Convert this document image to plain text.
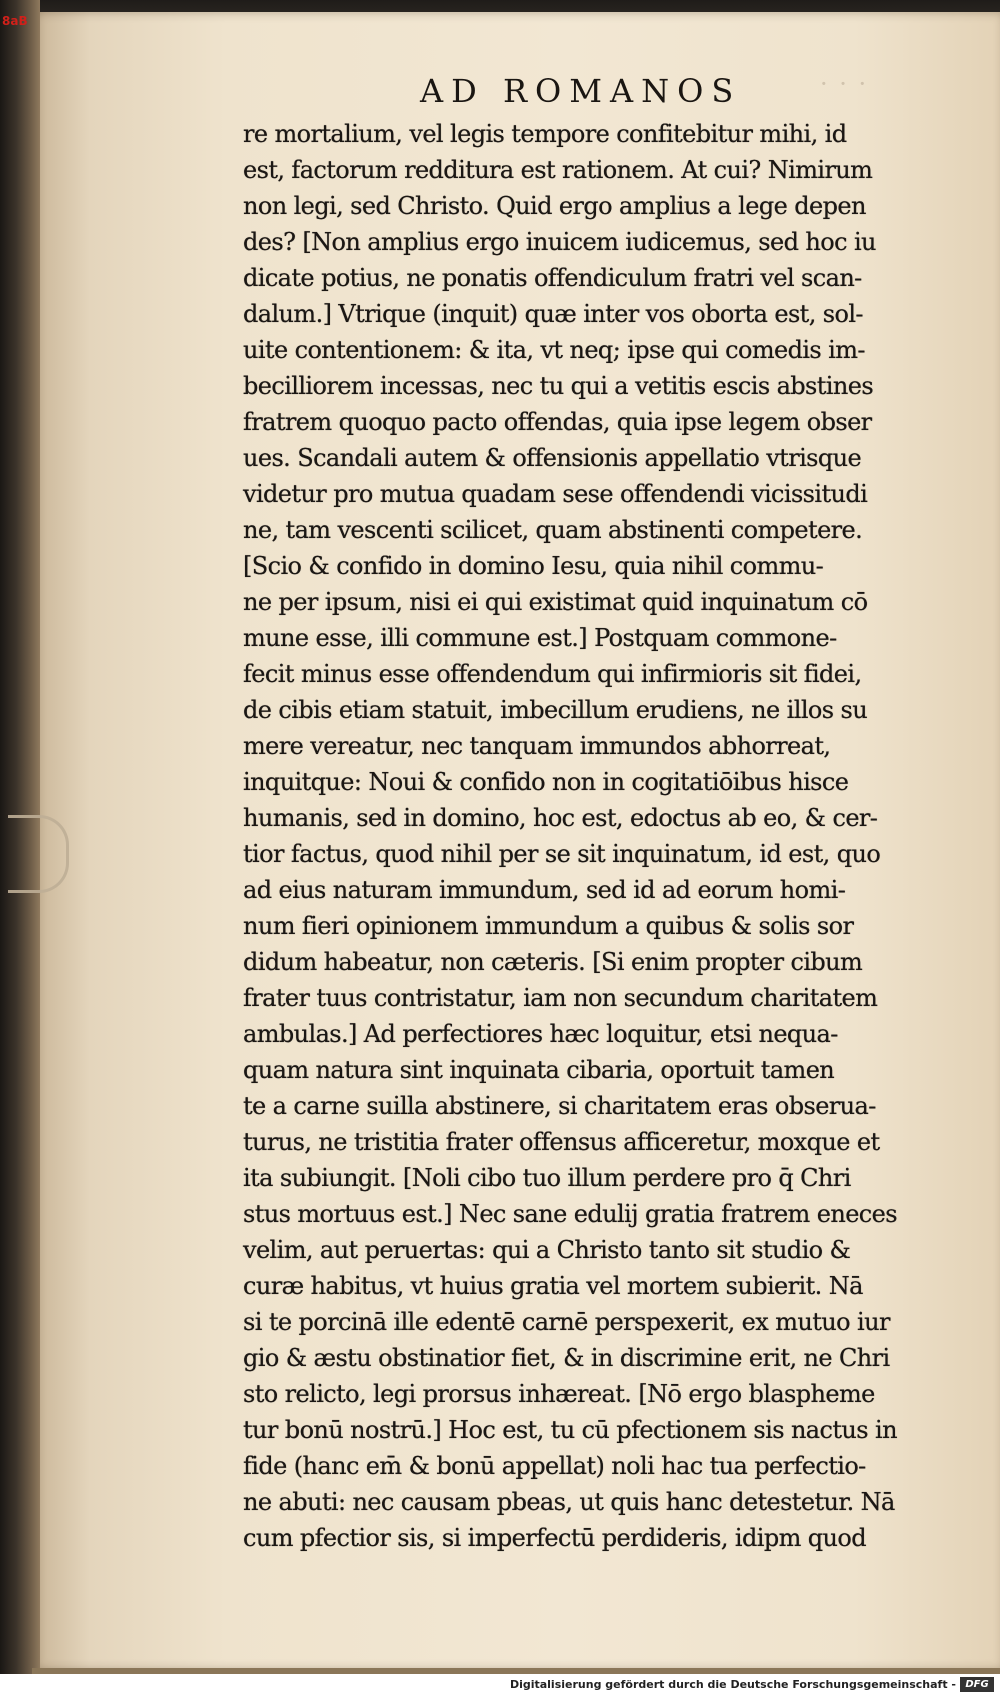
8aB
· · ·
AD ROMANOS
re mortalium, vel legis tempore confitebitur mihi, id
est, factorum redditura est rationem. At cui? Nimirum
non legi, sed Christo. Quid ergo amplius a lege depen
des? [Non amplius ergo inuicem iudicemus, sed hoc iu
dicate potius, ne ponatis offendiculum fratri vel scan-
dalum.] Vtrique (inquit) quæ inter vos oborta est, sol-
uite contentionem: & ita, vt neq; ipse qui comedis im-
becilliorem incessas, nec tu qui a vetitis escis abstines
fratrem quoquo pacto offendas, quia ipse legem obser
ues. Scandali autem & offensionis appellatio vtrisque
videtur pro mutua quadam sese offendendi vicissitudi
ne, tam vescenti scilicet, quam abstinenti competere.
[Scio & confido in domino Iesu, quia nihil commu-
ne per ipsum, nisi ei qui existimat quid inquinatum cō
mune esse, illi commune est.] Postquam commone-
fecit minus esse offendendum qui infirmioris sit fidei,
de cibis etiam statuit, imbecillum erudiens, ne illos su
mere vereatur, nec tanquam immundos abhorreat,
inquitque: Noui & confido non in cogitatiōibus hisce
humanis, sed in domino, hoc est, edoctus ab eo, & cer-
tior factus, quod nihil per se sit inquinatum, id est, quo
ad eius naturam immundum, sed id ad eorum homi-
num fieri opinionem immundum a quibus & solis sor
didum habeatur, non cæteris. [Si enim propter cibum
frater tuus contristatur, iam non secundum charitatem
ambulas.] Ad perfectiores hæc loquitur, etsi nequa-
quam natura sint inquinata cibaria, oportuit tamen
te a carne suilla abstinere, si charitatem eras obserua-
turus, ne tristitia frater offensus afficeretur, moxque et
ita subiungit. [Noli cibo tuo illum perdere pro q̄ Chri
stus mortuus est.] Nec sane edulij gratia fratrem eneces
velim, aut peruertas: qui a Christo tanto sit studio &
curæ habitus, vt huius gratia vel mortem subierit. Nā
si te porcinā ille edentē carnē perspexerit, ex mutuo iur
gio & æstu obstinatior fiet, & in discrimine erit, ne Chri
sto relicto, legi prorsus inhæreat. [Nō ergo blaspheme
tur bonū nostrū.] Hoc est, tu cū pfectionem sis nactus in
fide (hanc em̄ & bonū appellat) noli hac tua perfectio-
ne abuti: nec causam pbeas, ut quis hanc detestetur. Nā
cum pfectior sis, si imperfectū perdideris, idipm quod
Digitalisierung gefördert durch die Deutsche Forschungsgemeinschaft - DFG
